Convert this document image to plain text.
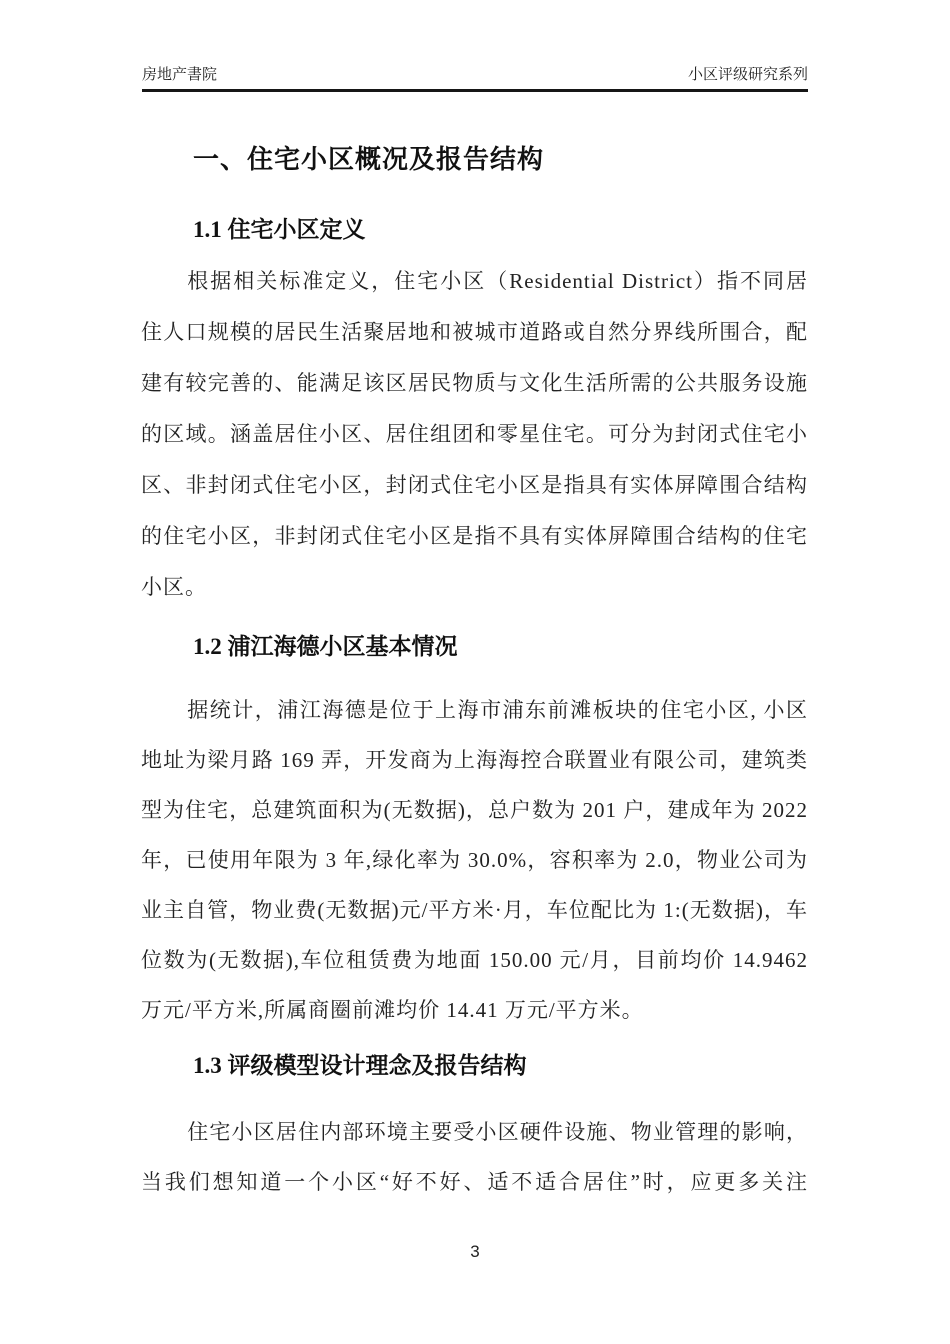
房地产書院	小区评级研究系列
一、住宅小区概况及报告结构
1.1 住宅小区定义

根据相关标准定义，住宅小区（Residential District）指不同居住人口规模的居民生活聚居地和被城市道路或自然分界线所围合，配建有较完善的、能满足该区居民物质与文化生活所需的公共服务设施的区域。涵盖居住小区、居住组团和零星住宅。可分为封闭式住宅小区、非封闭式住宅小区，封闭式住宅小区是指具有实体屏障围合结构的住宅小区，非封闭式住宅小区是指不具有实体屏障围合结构的住宅小区。

1.2 浦江海德小区基本情况

据统计，浦江海德是位于上海市浦东前滩板块的住宅小区, 小区地址为梁月路 169 弄，开发商为上海海控合联置业有限公司，建筑类型为住宅，总建筑面积为(无数据)，总户数为 201 户，建成年为 2022 年，已使用年限为 3 年,绿化率为 30.0%，容积率为 2.0，物业公司为业主自管，物业费(无数据)元/平方米·月，车位配比为 1:(无数据)，车位数为(无数据),车位租赁费为地面 150.00 元/月，目前均价 14.9462 万元/平方米,所属商圈前滩均价 14.41 万元/平方米。

1.3 评级模型设计理念及报告结构

住宅小区居住内部环境主要受小区硬件设施、物业管理的影响，当我们想知道一个小区“好不好、适不适合居住”时，应更多关注

3
